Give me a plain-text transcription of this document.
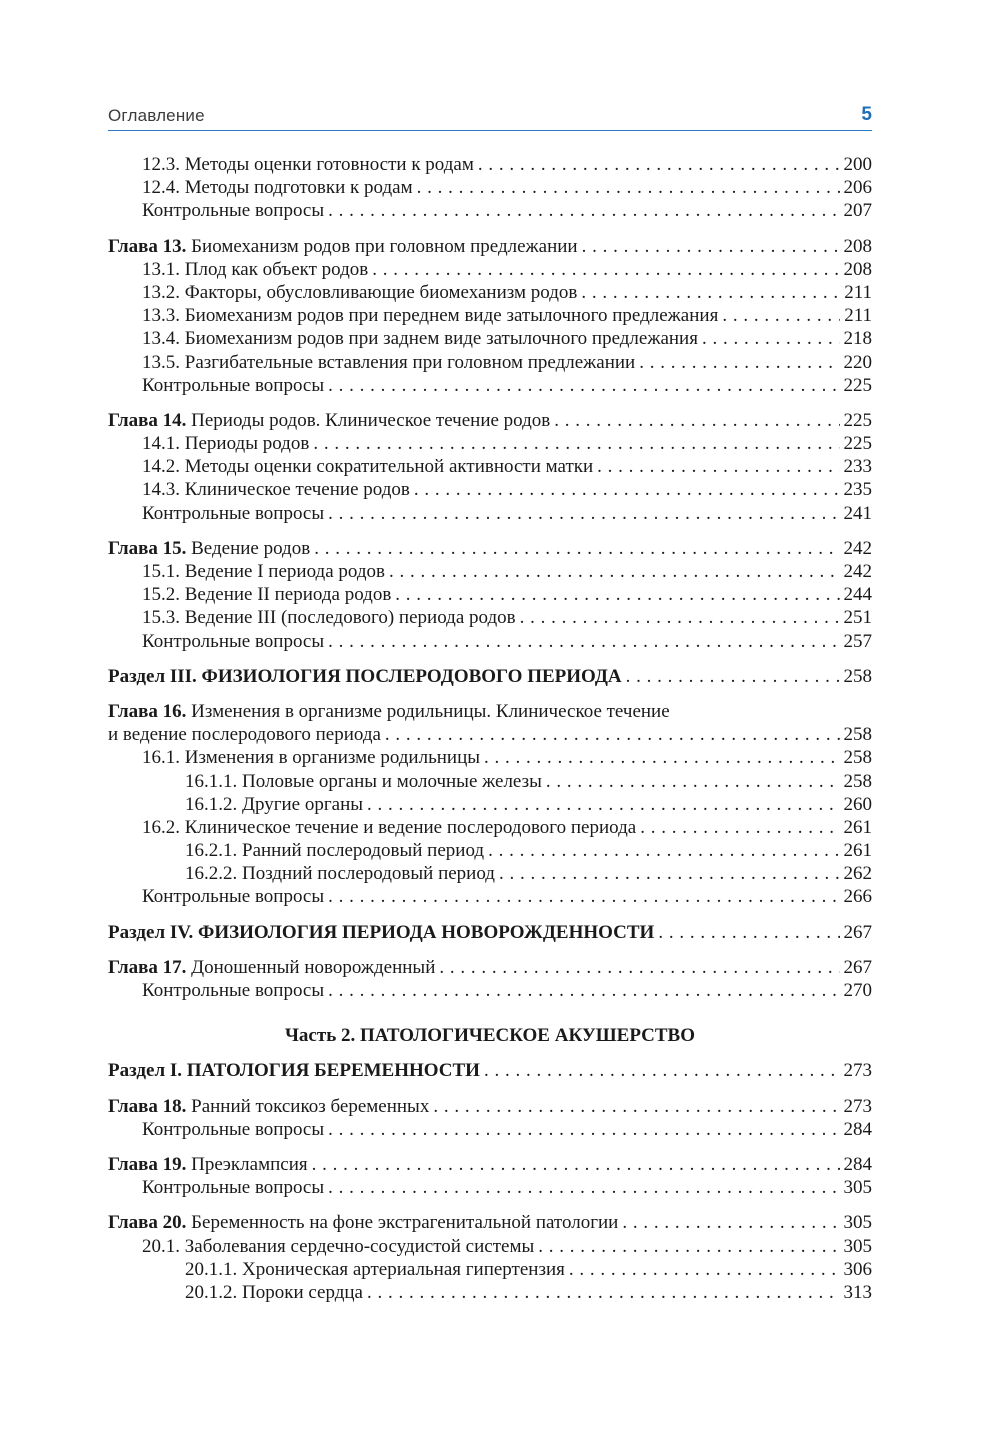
Оглавление	5
12.3. Методы оценки готовности к родам . . .	200
12.4. Методы подготовки к родам . . .	206
Контрольные вопросы . . .	207
Глава 13. Биомеханизм родов при головном предлежании . . .	208
13.1. Плод как объект родов . . .	208
13.2. Факторы, обусловливающие биомеханизм родов . . .	211
13.3. Биомеханизм родов при переднем виде затылочного предлежания . . .	211
13.4. Биомеханизм родов при заднем виде затылочного предлежания . . .	218
13.5. Разгибательные вставления при головном предлежании . . .	220
Контрольные вопросы . . .	225
Глава 14. Периоды родов. Клиническое течение родов . . .	225
14.1. Периоды родов . . .	225
14.2. Методы оценки сократительной активности матки . . .	233
14.3. Клиническое течение родов . . .	235
Контрольные вопросы . . .	241
Глава 15. Ведение родов . . .	242
15.1. Ведение I периода родов . . .	242
15.2. Ведение II периода родов . . .	244
15.3. Ведение III (последового) периода родов . . .	251
Контрольные вопросы . . .	257
Раздел III. ФИЗИОЛОГИЯ ПОСЛЕРОДОВОГО ПЕРИОДА . . .	258
Глава 16. Изменения в организме родильницы. Клиническое течение
и ведение послеродового периода . . .	258
16.1. Изменения в организме родильницы . . .	258
16.1.1. Половые органы и молочные железы . . .	258
16.1.2. Другие органы . . .	260
16.2. Клиническое течение и ведение послеродового периода . . .	261
16.2.1. Ранний послеродовый период . . .	261
16.2.2. Поздний послеродовый период . . .	262
Контрольные вопросы . . .	266
Раздел IV. ФИЗИОЛОГИЯ ПЕРИОДА НОВОРОЖДЕННОСТИ . . .	267
Глава 17. Доношенный новорожденный . . .	267
Контрольные вопросы . . .	270
Часть 2. ПАТОЛОГИЧЕСКОЕ АКУШЕРСТВО
Раздел I. ПАТОЛОГИЯ БЕРЕМЕННОСТИ . . .	273
Глава 18. Ранний токсикоз беременных . . .	273
Контрольные вопросы . . .	284
Глава 19. Преэклампсия . . .	284
Контрольные вопросы . . .	305
Глава 20. Беременность на фоне экстрагенитальной патологии . . .	305
20.1. Заболевания сердечно-сосудистой системы . . .	305
20.1.1. Хроническая артериальная гипертензия . . .	306
20.1.2. Пороки сердца . . .	313
